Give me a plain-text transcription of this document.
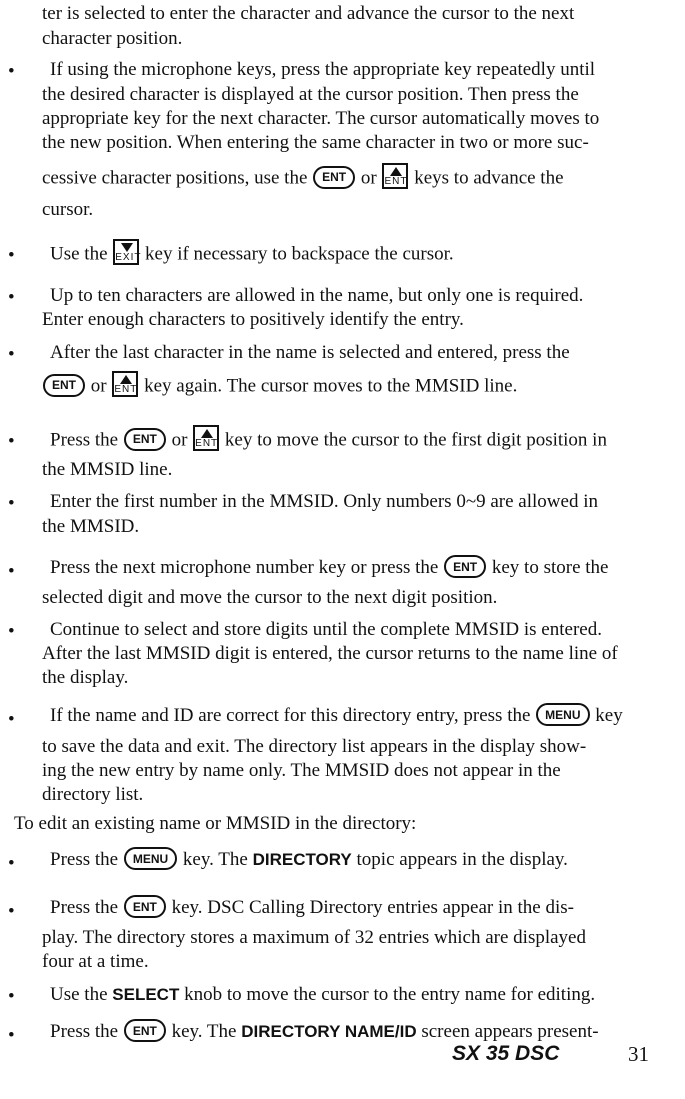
ter is selected to enter the character and advance the cursor to the next
character position.
• If using the microphone keys, press the appropriate key repeatedly until
the desired character is displayed at the cursor position. Then press the
appropriate key for the next character. The cursor automatically moves to
the new position. When entering the same character in two or more suc-
cessive character positions, use the ENT or ENT keys to advance the
cursor.
• Use the EXIT key if necessary to backspace the cursor.
• Up to ten characters are allowed in the name, but only one is required.
Enter enough characters to positively identify the entry.
• After the last character in the name is selected and entered, press the
ENT or ENT key again. The cursor moves to the MMSID line.
• Press the ENT or ENT key to move the cursor to the first digit position in
the MMSID line.
• Enter the first number in the MMSID. Only numbers 0~9 are allowed in
the MMSID.
• Press the next microphone number key or press the ENT key to store the
selected digit and move the cursor to the next digit position.
• Continue to select and store digits until the complete MMSID is entered.
After the last MMSID digit is entered, the cursor returns to the name line of
the display.
• If the name and ID are correct for this directory entry, press the MENU key
to save the data and exit. The directory list appears in the display show-
ing the new entry by name only. The MMSID does not appear in the
directory list.
To edit an existing name or MMSID in the directory:
• Press the MENU key. The DIRECTORY topic appears in the display.
• Press the ENT key. DSC Calling Directory entries appear in the dis-
play. The directory stores a maximum of 32 entries which are displayed
four at a time.
• Use the SELECT knob to move the cursor to the entry name for editing.
• Press the ENT key. The DIRECTORY NAME/ID screen appears present-
SX 35 DSC	31
